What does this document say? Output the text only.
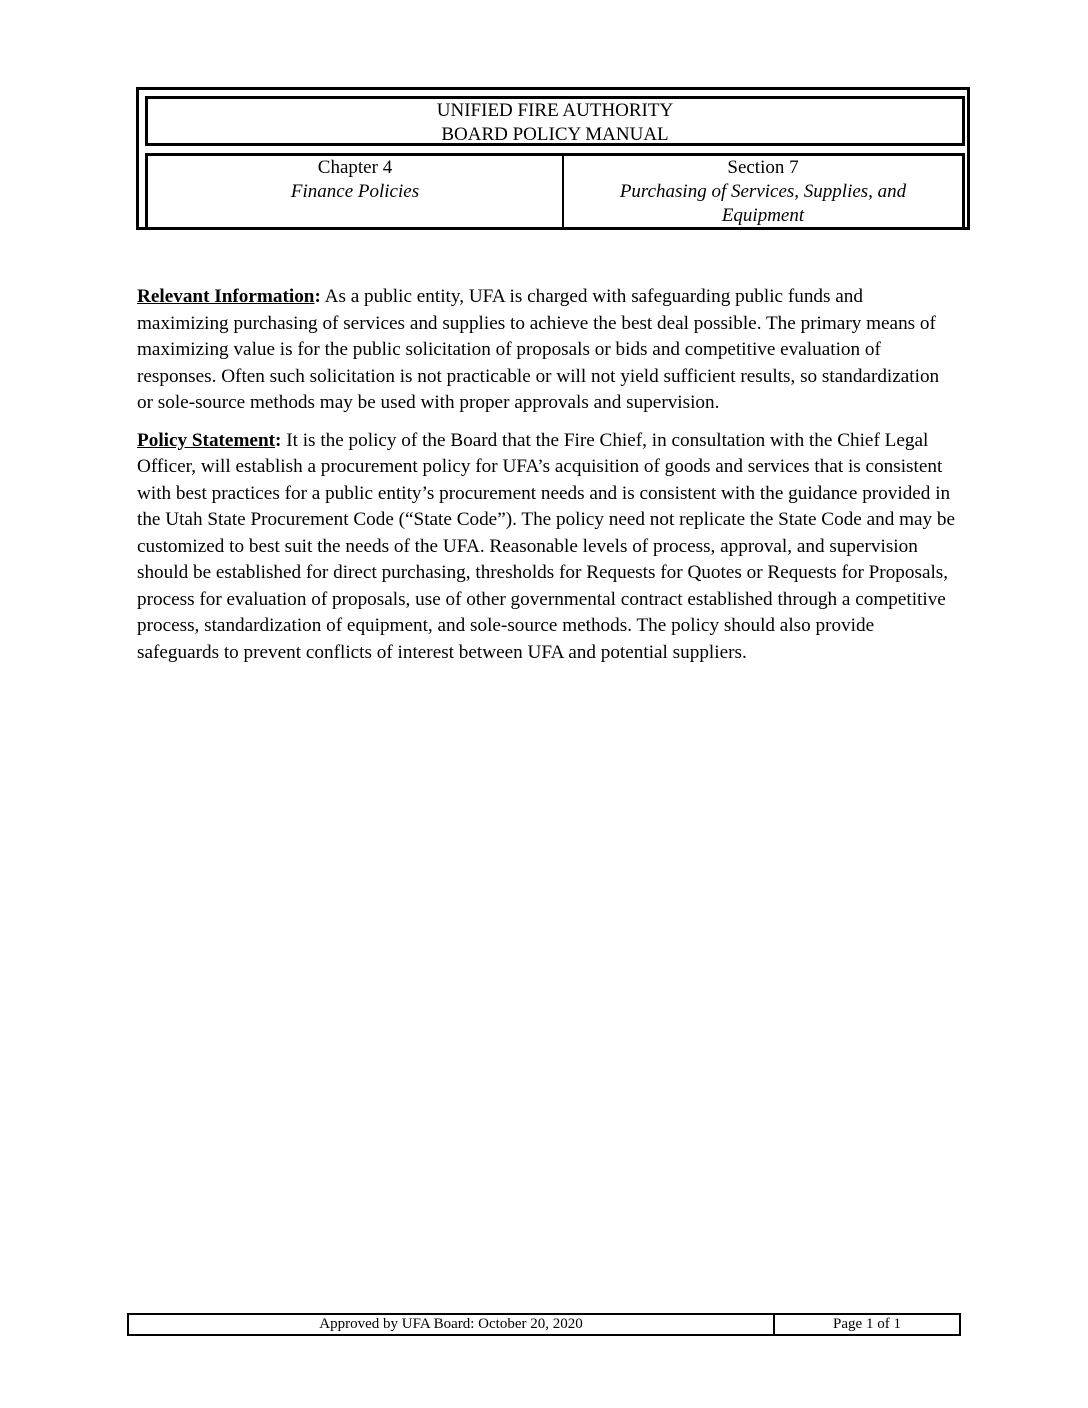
UNIFIED FIRE AUTHORITY
BOARD POLICY MANUAL
Chapter 4
Finance Policies
Section 7
Purchasing of Services, Supplies, and Equipment

Relevant Information: As a public entity, UFA is charged with safeguarding public funds and maximizing purchasing of services and supplies to achieve the best deal possible. The primary means of maximizing value is for the public solicitation of proposals or bids and competitive evaluation of responses. Often such solicitation is not practicable or will not yield sufficient results, so standardization or sole-source methods may be used with proper approvals and supervision.

Policy Statement: It is the policy of the Board that the Fire Chief, in consultation with the Chief Legal Officer, will establish a procurement policy for UFA’s acquisition of goods and services that is consistent with best practices for a public entity’s procurement needs and is consistent with the guidance provided in the Utah State Procurement Code (“State Code”). The policy need not replicate the State Code and may be customized to best suit the needs of the UFA. Reasonable levels of process, approval, and supervision should be established for direct purchasing, thresholds for Requests for Quotes or Requests for Proposals, process for evaluation of proposals, use of other governmental contract established through a competitive process, standardization of equipment, and sole-source methods. The policy should also provide safeguards to prevent conflicts of interest between UFA and potential suppliers.

Approved by UFA Board: October 20, 2020	Page 1 of 1
